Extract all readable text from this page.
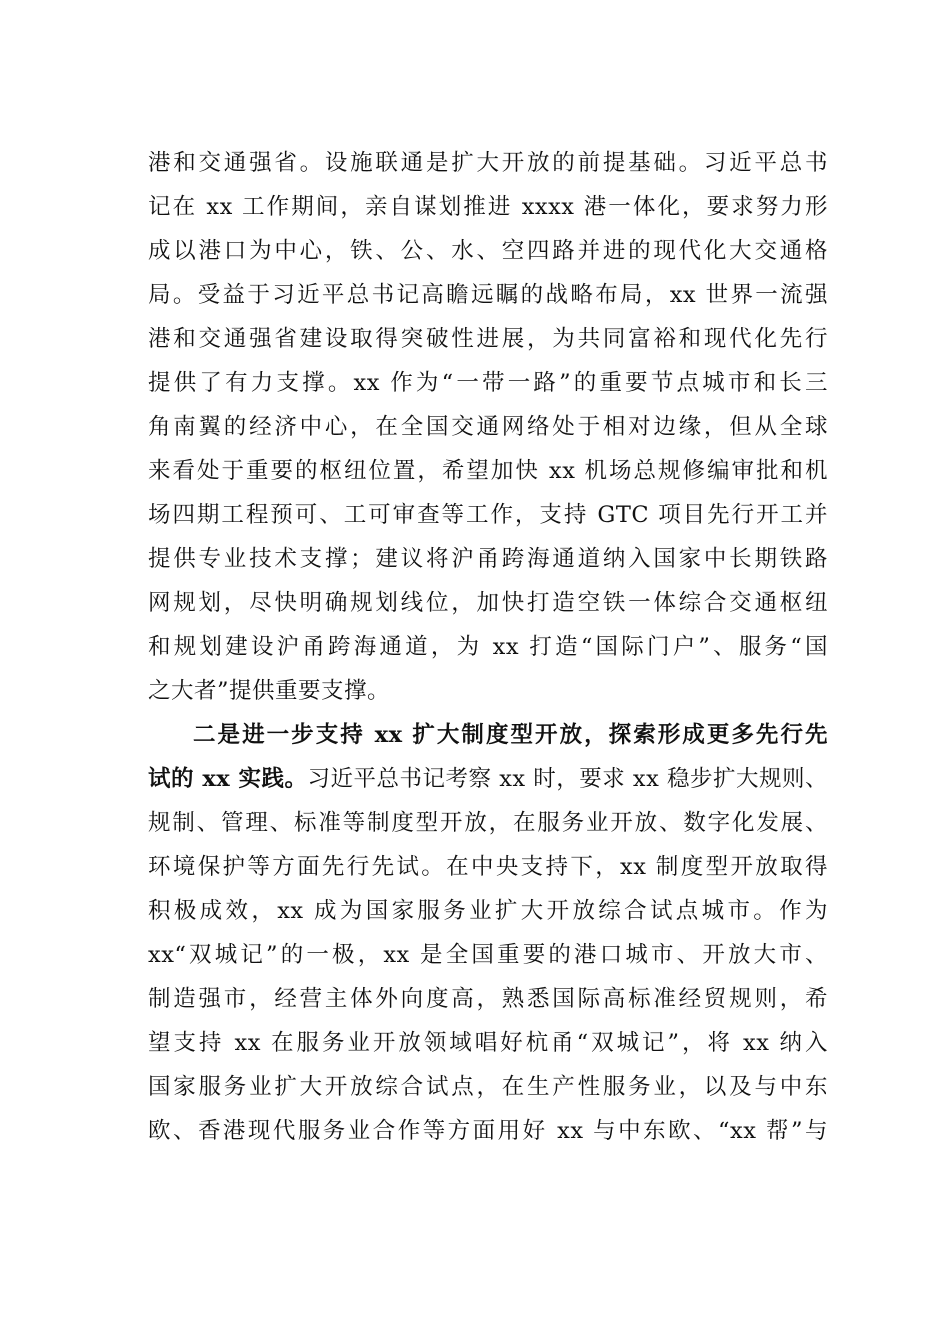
港和交通强省。设施联通是扩大开放的前提基础。习近平总书
记在 xx 工作期间，亲自谋划推进 xxxx 港一体化，要求努力形
成以港口为中心，铁、公、水、空四路并进的现代化大交通格
局。受益于习近平总书记高瞻远瞩的战略布局，xx 世界一流强
港和交通强省建设取得突破性进展，为共同富裕和现代化先行
提供了有力支撑。xx 作为“一带一路”的重要节点城市和长三
角南翼的经济中心，在全国交通网络处于相对边缘，但从全球
来看处于重要的枢纽位置，希望加快 xx 机场总规修编审批和机
场四期工程预可、工可审查等工作，支持 GTC 项目先行开工并
提供专业技术支撑；建议将沪甬跨海通道纳入国家中长期铁路
网规划，尽快明确规划线位，加快打造空铁一体综合交通枢纽
和规划建设沪甬跨海通道，为 xx 打造“国际门户”、服务“国
之大者”提供重要支撑。
二是进一步支持 xx 扩大制度型开放，探索形成更多先行先
试的 xx 实践。习近平总书记考察 xx 时，要求 xx 稳步扩大规则、
规制、管理、标准等制度型开放，在服务业开放、数字化发展、
环境保护等方面先行先试。在中央支持下，xx 制度型开放取得
积极成效，xx 成为国家服务业扩大开放综合试点城市。作为
xx“双城记”的一极，xx 是全国重要的港口城市、开放大市、
制造强市，经营主体外向度高，熟悉国际高标准经贸规则，希
望支持 xx 在服务业开放领域唱好杭甬“双城记”，将 xx 纳入
国家服务业扩大开放综合试点，在生产性服务业，以及与中东
欧、香港现代服务业合作等方面用好 xx 与中东欧、“xx 帮”与
